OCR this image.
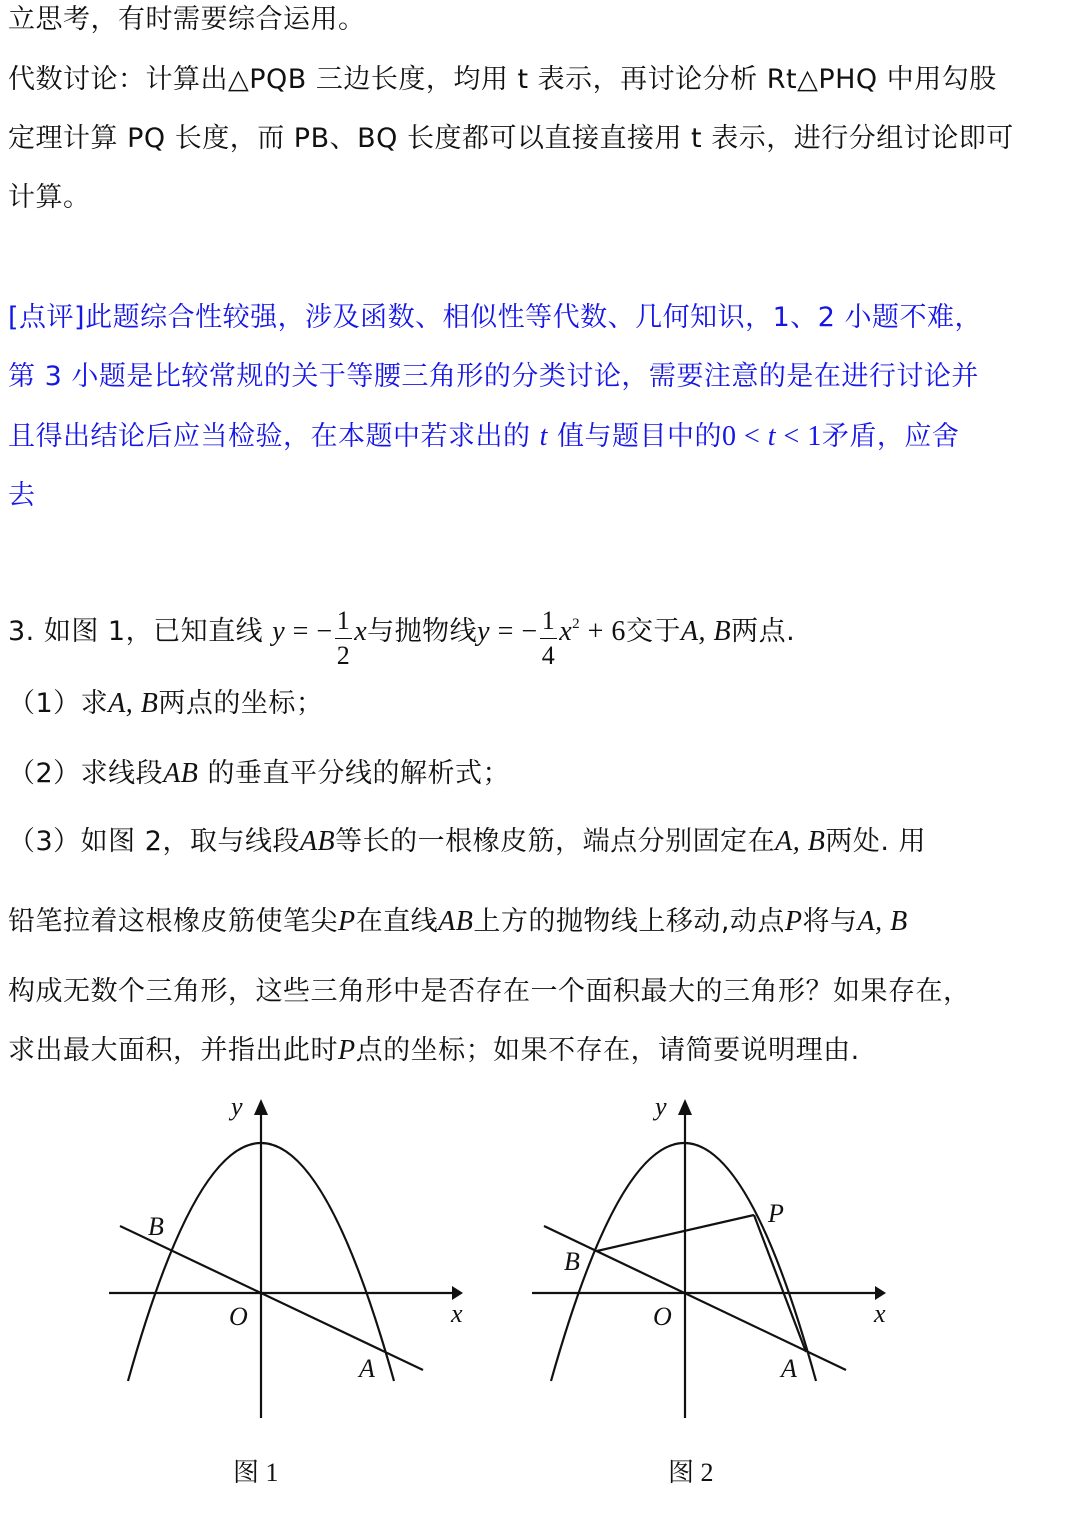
立思考，有时需要综合运用。
代数讨论：计算出△PQB 三边长度，均用 t 表示，再讨论分析 Rt△PHQ 中用勾股
定理计算 PQ 长度，而 PB、BQ 长度都可以直接直接用 t 表示，进行分组讨论即可
计算。
[点评]此题综合性较强，涉及函数、相似性等代数、几何知识，1、2 小题不难，
第 3 小题是比较常规的关于等腰三角形的分类讨论，需要注意的是在进行讨论并
且得出结论后应当检验，在本题中若求出的 t 值与题目中的0 < t < 1矛盾，应舍
去
3. 如图 1，已知直线 y = − $\frac{1}{2}$ x与抛物线y = − $\frac{1}{4} x^2 + 6$交于A, B两点.
（1）求A, B两点的坐标；
（2）求线段AB 的垂直平分线的解析式；
（3）如图 2，取与线段AB等长的一根橡皮筋，端点分别固定在A, B两处. 用
铅笔拉着这根橡皮筋使笔尖P在直线AB上方的抛物线上移动,动点P将与A, B
构成无数个三角形，这些三角形中是否存在一个面积最大的三角形？如果存在，
求出最大面积，并指出此时P点的坐标；如果不存在，请简要说明理由.
y
x
O
B
A
y
x
O
B
A
P
图 1	图 2
